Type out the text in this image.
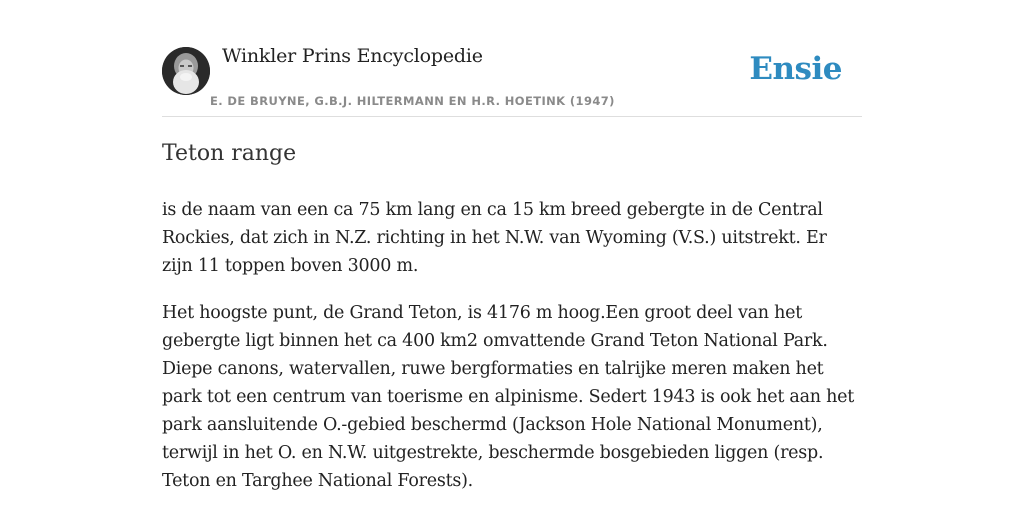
Winkler Prins Encyclopedie
E. DE BRUYNE, G.B.J. HILTERMANN EN H.R. HOETINK (1947)
Ensie
Teton range

is de naam van een ca 75 km lang en ca 15 km breed gebergte in de Central Rockies, dat zich in N.Z. richting in het N.W. van Wyoming (V.S.) uitstrekt. Er zijn 11 toppen boven 3000 m.

Het hoogste punt, de Grand Teton, is 4176 m hoog.Een groot deel van het gebergte ligt binnen het ca 400 km2 omvattende Grand Teton National Park. Diepe canons, watervallen, ruwe bergformaties en talrijke meren maken het park tot een centrum van toerisme en alpinisme. Sedert 1943 is ook het aan het park aansluitende O.-gebied beschermd (Jackson Hole National Monument), terwijl in het O. en N.W. uitgestrekte, beschermde bosgebieden liggen (resp. Teton en Targhee National Forests).
